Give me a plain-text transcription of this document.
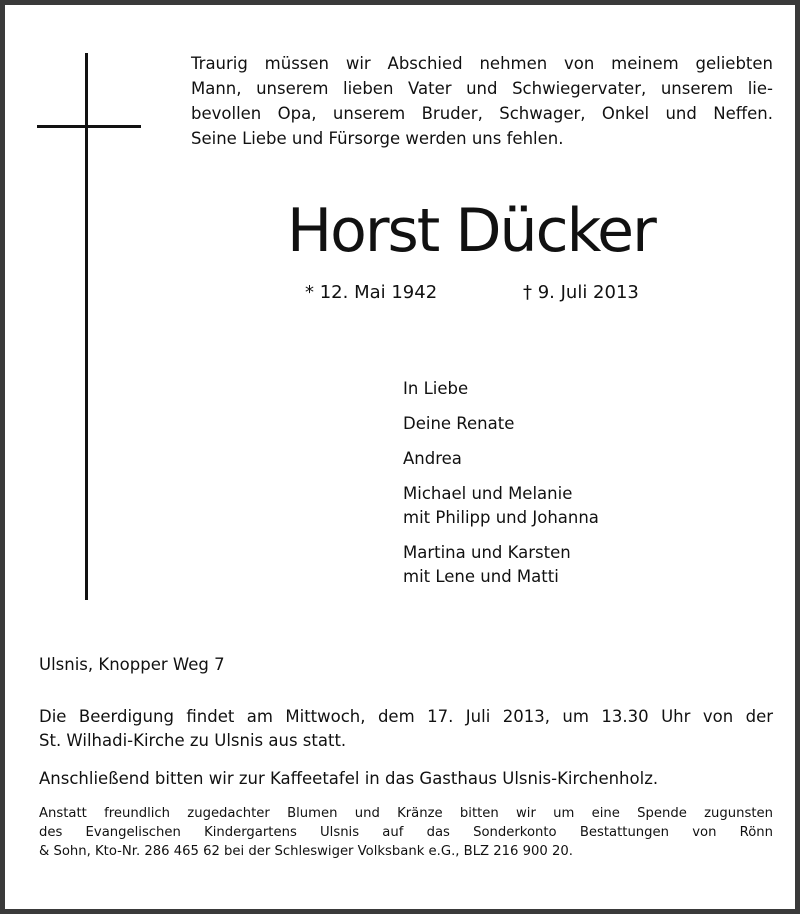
Traurig müssen wir Abschied nehmen von meinem geliebten
Mann, unserem lieben Vater und Schwiegervater, unserem lie-
bevollen Opa, unserem Bruder, Schwager, Onkel und Neffen.
Seine Liebe und Fürsorge werden uns fehlen.
Horst Dücker
* 12. Mai 1942	† 9. Juli 2013
In Liebe
Deine Renate
Andrea
Michael und Melanie
mit Philipp und Johanna
Martina und Karsten
mit Lene und Matti
Ulsnis, Knopper Weg 7
Die Beerdigung findet am Mittwoch, dem 17. Juli 2013, um 13.30 Uhr von der
St. Wilhadi-Kirche zu Ulsnis aus statt.
Anschließend bitten wir zur Kaffeetafel in das Gasthaus Ulsnis-Kirchenholz.
Anstatt freundlich zugedachter Blumen und Kränze bitten wir um eine Spende zugunsten
des Evangelischen Kindergartens Ulsnis auf das Sonderkonto Bestattungen von Rönn
& Sohn, Kto-Nr. 286 465 62 bei der Schleswiger Volksbank e.G., BLZ 216 900 20.
